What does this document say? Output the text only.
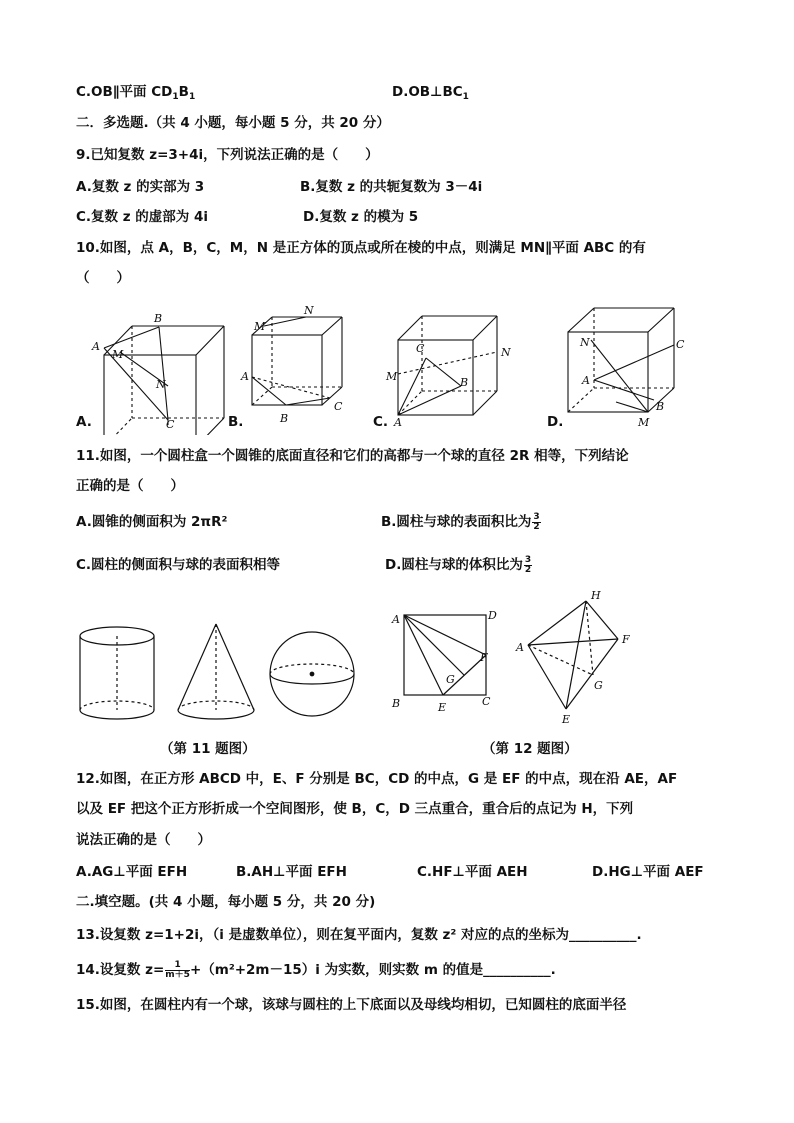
C.OB∥平面 $CD_1B_1$	$D.OB\perp BC_1$
二．多选题.（共 4 小题，每小题 5 分，共 20 分）
9.已知复数 z=3+4i，下列说法正确的是（　　）
A.复数 z 的实部为 3	B.复数 z 的共轭复数为 3－4i
C.复数 z 的虚部为 4i	D.复数 z 的模为 5
10.如图，点 A，B，C，M，N 是正方体的顶点或所在棱的中点，则满足 MN∥平面 ABC 的有
（　　）
A
B
M
N
C
M
N
A
B
C
C	N
M	B
A
N	C
A
B
M
A.	B.	C.	D.
11.如图，一个圆柱盒一个圆锥的底面直径和它们的高都与一个球的直径 2R 相等，下列结论
正确的是（　　）
A.圆锥的侧面积为 2πR²	B.圆柱与球的表面积比为 $\frac{3}{2}$
C.圆柱的侧面积与球的表面积相等	D.圆柱与球的体积比为 $\frac{3}{2}$
A	D
B	E	C
F
G
A
H
F
G
E
（第 11 题图）	（第 12 题图）
12.如图，在正方形 ABCD 中，E、F 分别是 BC，CD 的中点，G 是 EF 的中点，现在沿 AE，AF
以及 EF 把这个正方形折成一个空间图形，使 B，C，D 三点重合，重合后的点记为 H，下列
说法正确的是（　　）
A.AG⊥平面 EFH	B.AH⊥平面 EFH	C.HF⊥平面 AEH	D.HG⊥平面 AEF
二.填空题。(共 4 小题，每小题 5 分，共 20 分)
13.设复数 z=1+2i，（i 是虚数单位），则在复平面内，复数 z² 对应的点的坐标为__________.
14.设复数 $z= \frac{1}{m+5} +(m^2+2m-15)i$ 为实数，则实数 m 的值是__________.
15.如图，在圆柱内有一个球，该球与圆柱的上下底面以及母线均相切，已知圆柱的底面半径
